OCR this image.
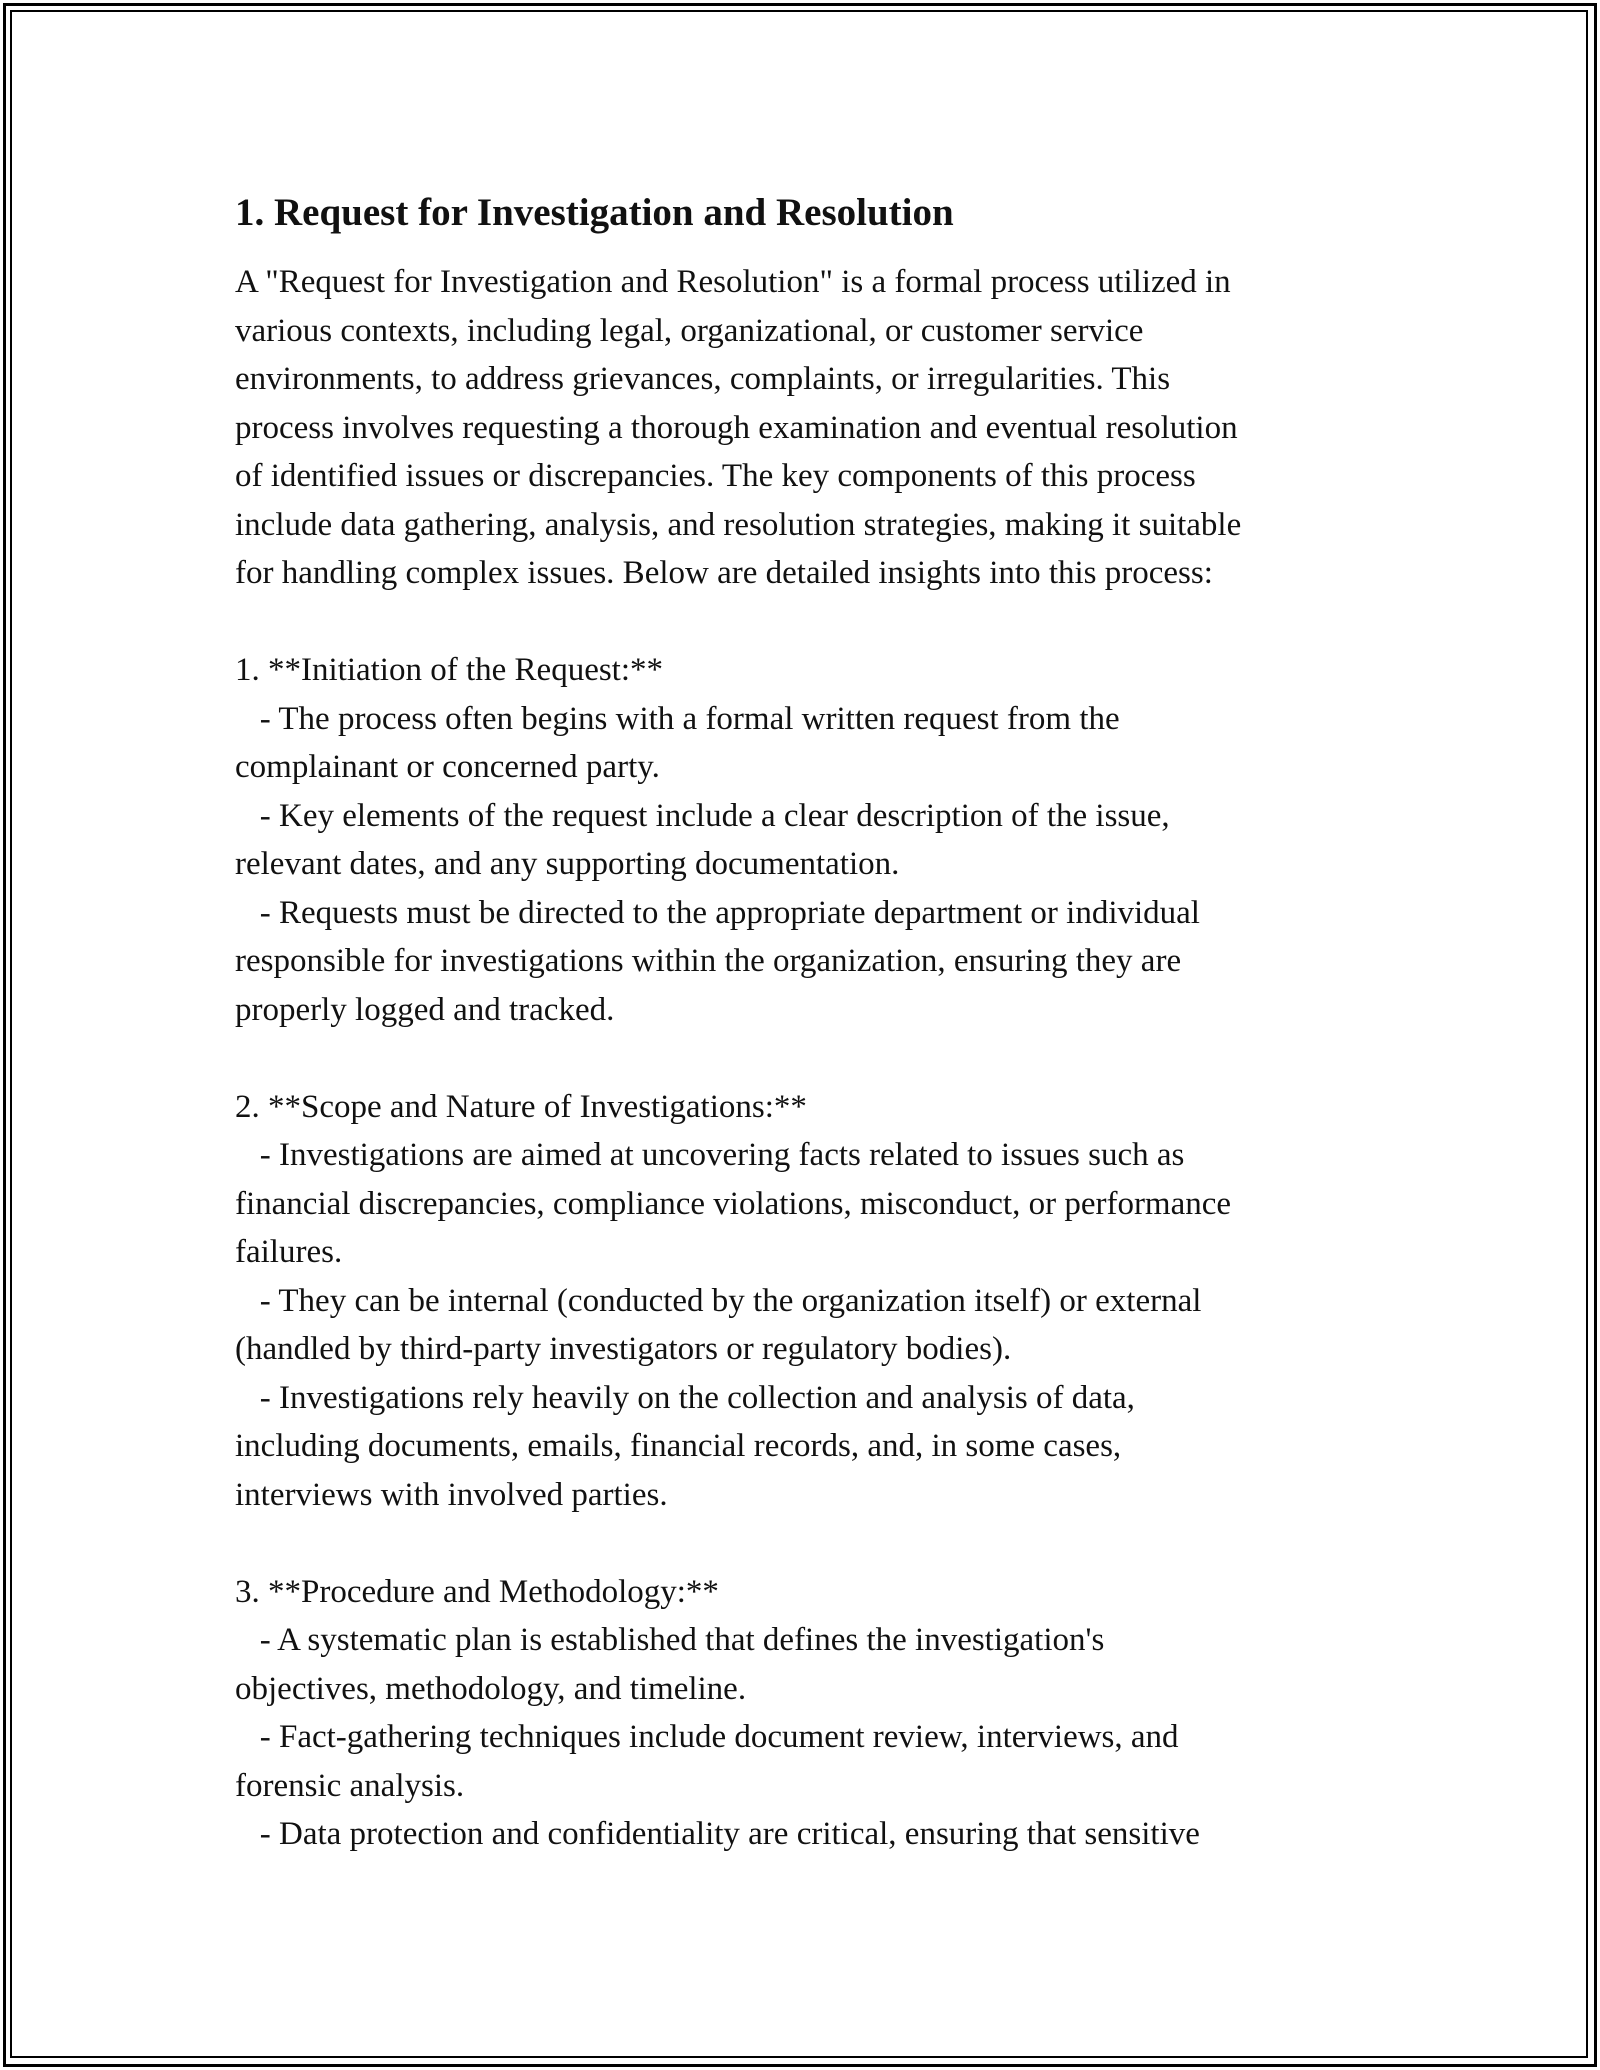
1. Request for Investigation and Resolution

A "Request for Investigation and Resolution" is a formal process utilized in
various contexts, including legal, organizational, or customer service
environments, to address grievances, complaints, or irregularities. This
process involves requesting a thorough examination and eventual resolution
of identified issues or discrepancies. The key components of this process
include data gathering, analysis, and resolution strategies, making it suitable
for handling complex issues. Below are detailed insights into this process:

1. **Initiation of the Request:**
- The process often begins with a formal written request from the
complainant or concerned party.
- Key elements of the request include a clear description of the issue,
relevant dates, and any supporting documentation.
- Requests must be directed to the appropriate department or individual
responsible for investigations within the organization, ensuring they are
properly logged and tracked.

2. **Scope and Nature of Investigations:**
- Investigations are aimed at uncovering facts related to issues such as
financial discrepancies, compliance violations, misconduct, or performance
failures.
- They can be internal (conducted by the organization itself) or external
(handled by third-party investigators or regulatory bodies).
- Investigations rely heavily on the collection and analysis of data,
including documents, emails, financial records, and, in some cases,
interviews with involved parties.

3. **Procedure and Methodology:**
- A systematic plan is established that defines the investigation's
objectives, methodology, and timeline.
- Fact-gathering techniques include document review, interviews, and
forensic analysis.
- Data protection and confidentiality are critical, ensuring that sensitive
